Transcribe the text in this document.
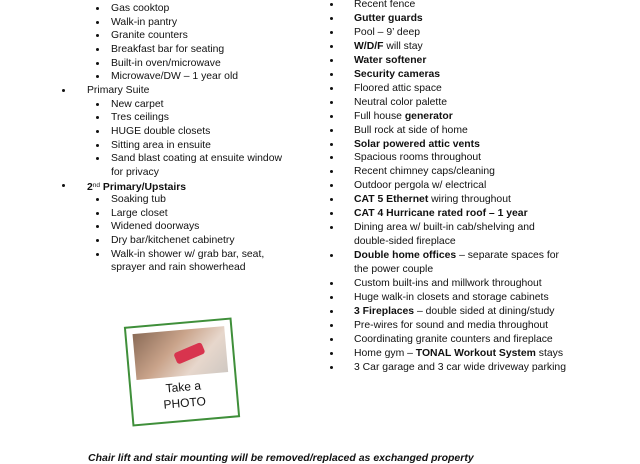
Gas cooktop
Walk-in pantry
Granite counters
Breakfast bar for seating
Built-in oven/microwave
Microwave/DW – 1 year old
Primary Suite
New carpet
Tres ceilings
HUGE double closets
Sitting area in ensuite
Sand blast coating at ensuite window
for privacy
2nd Primary/Upstairs
Soaking tub
Large closet
Widened doorways
Dry bar/kitchenet cabinetry
Walk-in shower w/ grab bar, seat,
sprayer and rain showerhead
Recent fence
Gutter guards
Pool – 9’ deep
W/D/F will stay
Water softener
Security cameras
Floored attic space
Neutral color palette
Full house generator
Bull rock at side of home
Solar powered attic vents
Spacious rooms throughout
Recent chimney caps/cleaning
Outdoor pergola w/ electrical
CAT 5 Ethernet wiring throughout
CAT 4 Hurricane rated roof – 1 year
Dining area w/ built-in cab/shelving and
double-sided fireplace
Double home offices – separate spaces for
the power couple
Custom built-ins and millwork throughout
Huge walk-in closets and storage cabinets
3 Fireplaces – double sided at dining/study
Pre-wires for sound and media throughout
Coordinating granite counters and fireplace
Home gym – TONAL Workout System stays
3 Car garage and 3 car wide driveway parking
Take a
PHOTO
Chair lift and stair mounting will be removed/replaced as exchanged property
